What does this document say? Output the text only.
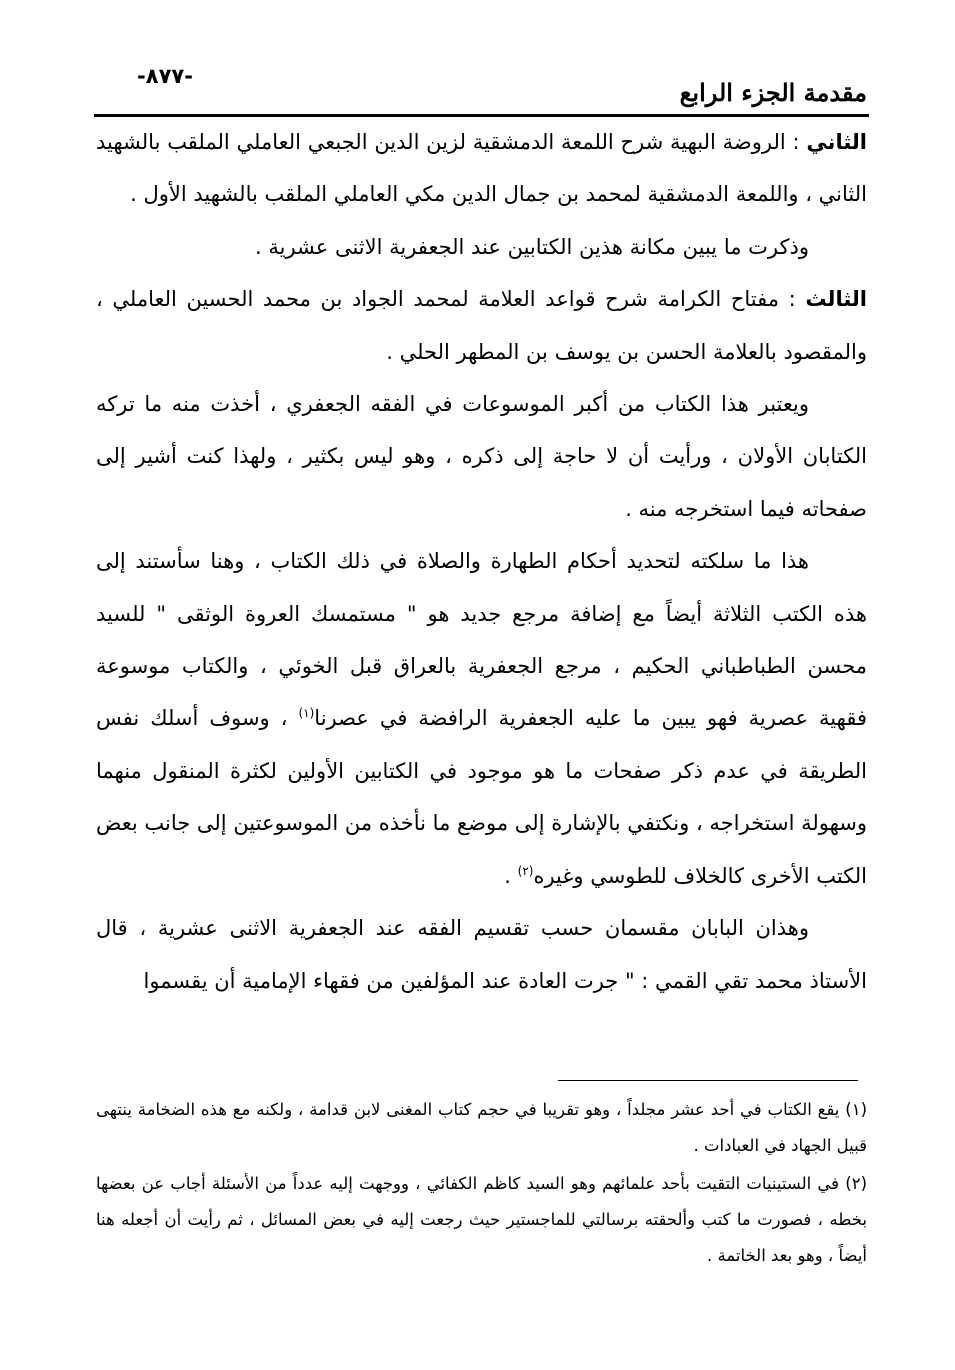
-٨٧٧-
مقدمة الجزء الرابع

الثاني : الروضة البهية شرح اللمعة الدمشقية لزين الدين الجبعي العاملي الملقب بالشهيد الثاني ، واللمعة الدمشقية لمحمد بن جمال الدين مكي العاملي الملقب بالشهيد الأول .

وذكرت ما يبين مكانة هذين الكتابين عند الجعفرية الاثنى عشرية .

الثالث : مفتاح الكرامة شرح قواعد العلامة لمحمد الجواد بن محمد الحسين العاملي ، والمقصود بالعلامة الحسن بن يوسف بن المطهر الحلي .

ويعتبر هذا الكتاب من أكبر الموسوعات في الفقه الجعفري ، أخذت منه ما تركه الكتابان الأولان ، ورأيت أن لا حاجة إلى ذكره ، وهو ليس بكثير ، ولهذا كنت أشير إلى صفحاته فيما استخرجه منه .

هذا ما سلكته لتحديد أحكام الطهارة والصلاة في ذلك الكتاب ، وهنا سأستند إلى هذه الكتب الثلاثة أيضاً مع إضافة مرجع جديد هو " مستمسك العروة الوثقى " للسيد محسن الطباطباني الحكيم ، مرجع الجعفرية بالعراق قبل الخوئي ، والكتاب موسوعة فقهية عصرية فهو يبين ما عليه الجعفرية الرافضة في عصرنا$^{(١)}$ ، وسوف أسلك نفس الطريقة في عدم ذكر صفحات ما هو موجود في الكتابين الأولين لكثرة المنقول منهما وسهولة استخراجه ، ونكتفي بالإشارة إلى موضع ما نأخذه من الموسوعتين إلى جانب بعض الكتب الأخرى كالخلاف للطوسي وغيره$^{(٢)}$ .

وهذان البابان مقسمان حسب تقسيم الفقه عند الجعفرية الاثنى عشرية ، قال الأستاذ محمد تقي القمي : " جرت العادة عند المؤلفين من فقهاء الإمامية أن يقسموا

(١) يقع الكتاب في أحد عشر مجلداً ، وهو تقريبا في حجم كتاب المغنى لابن قدامة ، ولكنه مع هذه الضخامة ينتهى قبيل الجهاد في العبادات .

(٢) في الستينيات التقيت بأحد علمائهم وهو السيد كاظم الكفائي ، ووجهت إليه عدداً من الأسئلة أجاب عن بعضها بخطه ، فصورت ما كتب وألحقته برسالتي للماجستير حيث رجعت إليه في بعض المسائل ، ثم رأيت أن أجعله هنا أيضاً ، وهو بعد الخاتمة .
